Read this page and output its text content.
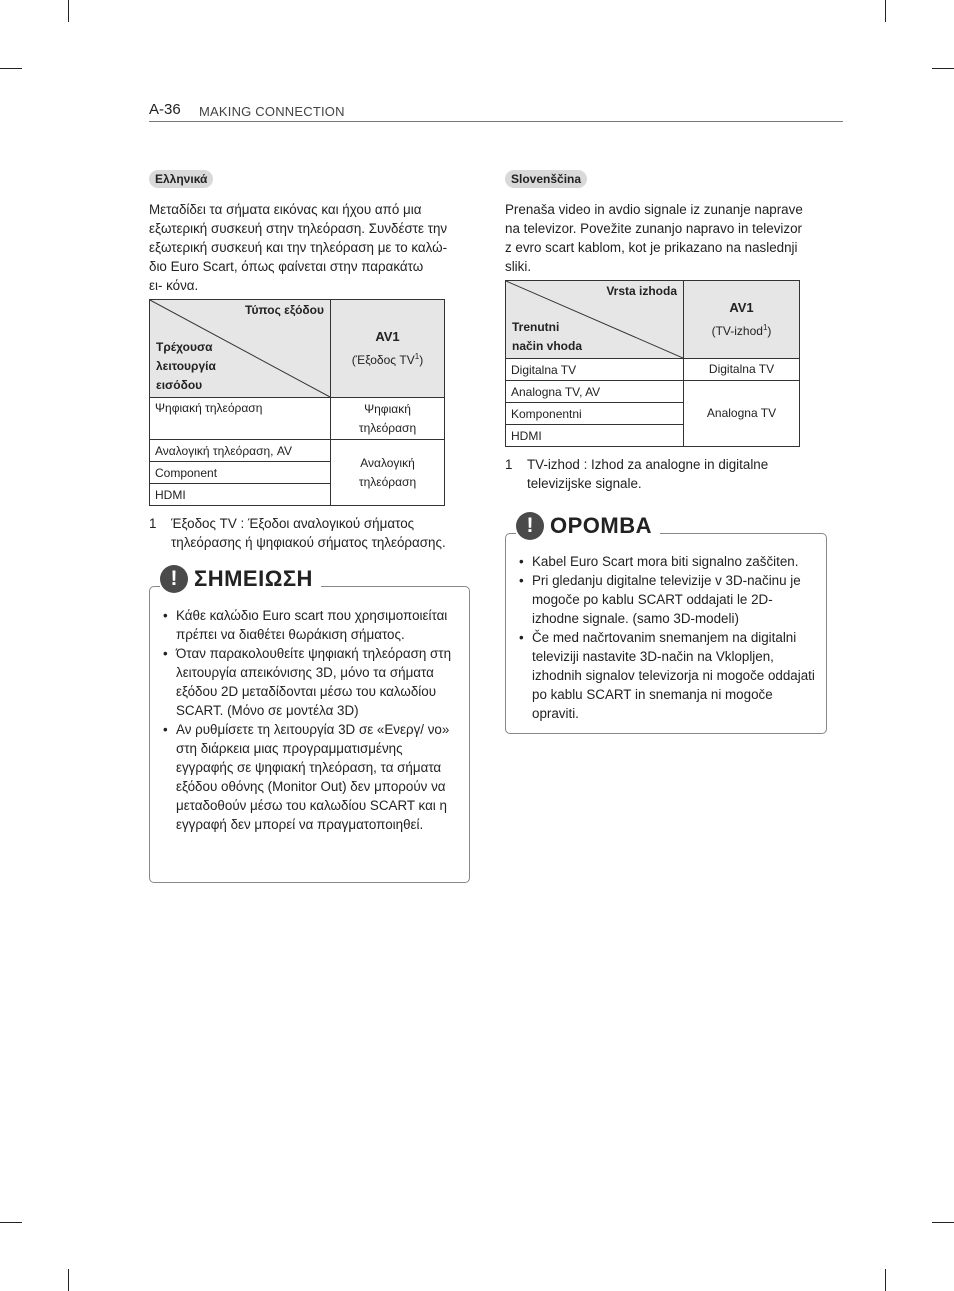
A-36 MAKING CONNECTION
Ελληνικά
Μεταδίδει τα σήματα εικόνας και ήχου από μια
εξωτερική συσκευή στην τηλεόραση. Συνδέστε την
εξωτερική συσκευή και την τηλεόραση με το καλώ-
διο Euro Scart, όπως φαίνεται στην παρακάτω
ει- κόνα.
Τύπος εξόδου
Τρέχουσα
λειτουργία
εισόδου	AV1
(Έξοδος $TV^1$)
Ψηφιακή τηλεόραση	Ψηφιακή
τηλεόραση
Αναλογική τηλεόραση, AV	Αναλογική
τηλεόραση
Component	
HDMI	
1 Έξοδος TV : Έξοδοι αναλογικού σήματος τηλεόρασης ή ψηφιακού σήματος τηλεόρασης.
! ΣΗΜΕΙΩΣΗ
• Κάθε καλώδιο Euro scart που χρησιμοποιείται πρέπει να διαθέτει θωράκιση σήματος.
• Όταν παρακολουθείτε ψηφιακή τηλεόραση στη λειτουργία απεικόνισης 3D, μόνο τα σήματα εξόδου 2D μεταδίδονται μέσω του καλωδίου SCART. (Μόνο σε μοντέλα 3D)
• Αν ρυθμίσετε τη λειτουργία 3D σε «Ενεργ/ νο» στη διάρκεια μιας προγραμματισμένης εγγραφής σε ψηφιακή τηλεόραση, τα σήματα εξόδου οθόνης (Monitor Out) δεν μπορούν να μεταδοθούν μέσω του καλωδίου SCART και η εγγραφή δεν μπορεί να πραγματοποιηθεί.
Slovenščina
Prenaša video in avdio signale iz zunanje naprave
na televizor. Povežite zunanjo napravo in televizor
z evro scart kablom, kot je prikazano na naslednji
sliki.
Vrsta izhoda
Trenutni
način vhoda	AV1
(TV-izhod$^1$)
Digitalna TV	Digitalna TV
Analogna TV, AV	Analogna TV
Komponentni	
HDMI	
1 TV-izhod : Izhod za analogne in digitalne televizijske signale.
! OPOMBA
• Kabel Euro Scart mora biti signalno zaščiten.
• Pri gledanju digitalne televizije v 3D-načinu je mogoče po kablu SCART oddajati le 2D-izhodne signale. (samo 3D-modeli)
• Če med načrtovanim snemanjem na digitalni televiziji nastavite 3D-način na Vklopljen, izhodnih signalov televizorja ni mogoče oddajati po kablu SCART in snemanja ni mogoče opraviti.
